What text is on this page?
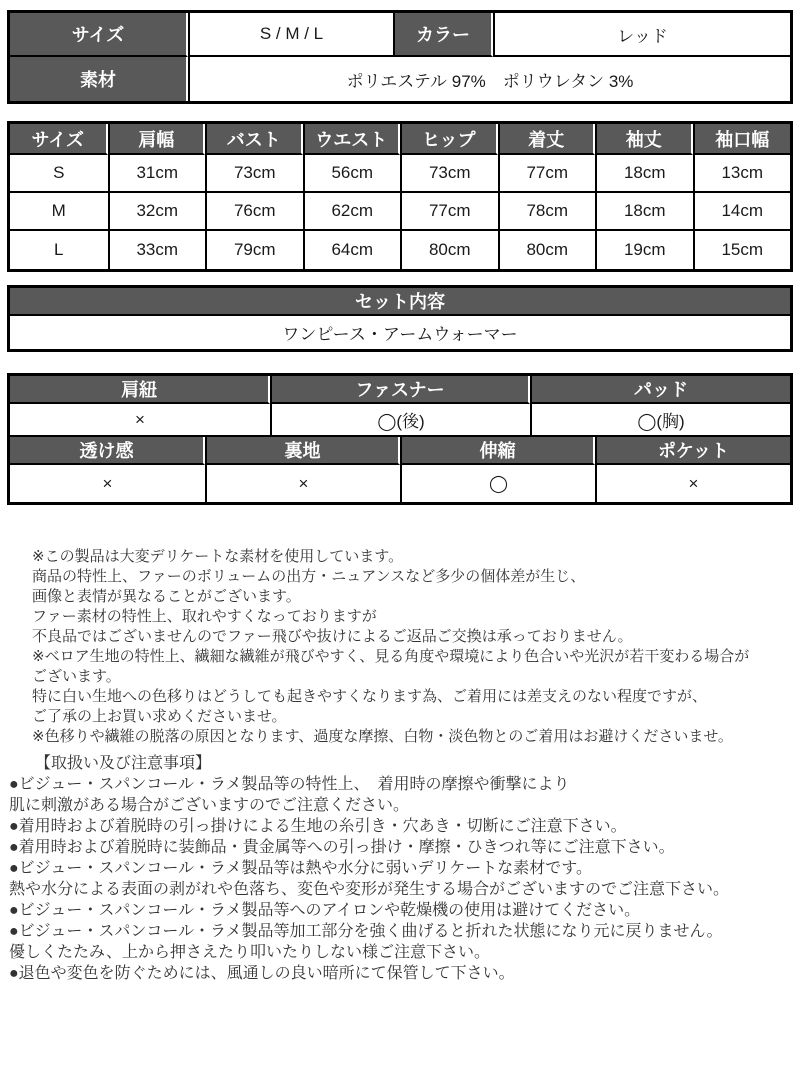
サイズ	S / M / L	カラー	レッド
素材	ポリエステル 97%　ポリウレタン 3%		
サイズ	肩幅	バスト	ウエスト	ヒップ	着丈	袖丈	袖口幅
S	31cm	73cm	56cm	73cm	77cm	18cm	13cm
M	32cm	76cm	62cm	77cm	78cm	18cm	14cm
L	33cm	79cm	64cm	80cm	80cm	19cm	15cm
セット内容
ワンピース・アームウォーマー
肩紐		ファスナー		パッド	
×		◯(後)		◯(胸)	
透け感	裏地		伸縮		ポケット
×	×		◯		×
※この製品は大変デリケートな素材を使用しています。
商品の特性上、ファーのボリュームの出方・ニュアンスなど多少の個体差が生じ、
画像と表情が異なることがございます。
ファー素材の特性上、取れやすくなっておりますが
不良品ではございませんのでファー飛びや抜けによるご返品ご交換は承っておりません。
※ベロア生地の特性上、繊細な繊維が飛びやすく、見る角度や環境により色合いや光沢が若干変わる場合が
ございます。
特に白い生地への色移りはどうしても起きやすくなります為、ご着用には差支えのない程度ですが、
ご了承の上お買い求めくださいませ。
※色移りや繊維の脱落の原因となります、過度な摩擦、白物・淡色物とのご着用はお避けくださいませ。
【取扱い及び注意事項】
●ビジュー・スパンコール・ラメ製品等の特性上、　着用時の摩擦や衝撃により
肌に刺激がある場合がございますのでご注意ください。
●着用時および着脱時の引っ掛けによる生地の糸引き・穴あき・切断にご注意下さい。
●着用時および着脱時に装飾品・貴金属等への引っ掛け・摩擦・ひきつれ等にご注意下さい。
●ビジュー・スパンコール・ラメ製品等は熱や水分に弱いデリケートな素材です。
熱や水分による表面の剥がれや色落ち、変色や変形が発生する場合がございますのでご注意下さい。
●ビジュー・スパンコール・ラメ製品等へのアイロンや乾燥機の使用は避けてください。
●ビジュー・スパンコール・ラメ製品等加工部分を強く曲げると折れた状態になり元に戻りません。
優しくたたみ、上から押さえたり叩いたりしない様ご注意下さい。
●退色や変色を防ぐためには、風通しの良い暗所にて保管して下さい。
